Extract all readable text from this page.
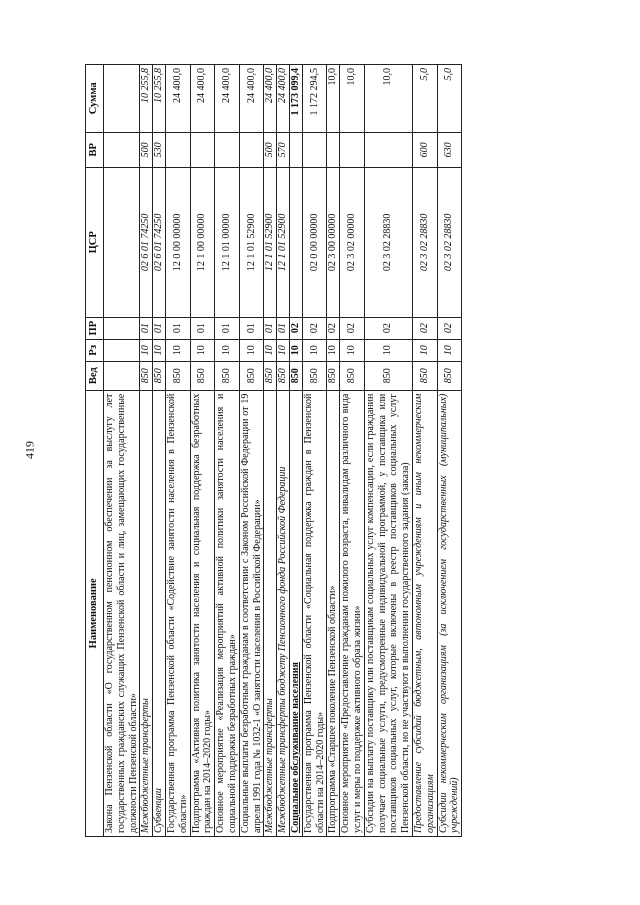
419
Наименование	Вед	Рз	ПР	ЦСР	ВР	Сумма
Закона Пензенской области «О государственном пенсионном обеспечении за выслугу лет государственных гражданских служащих Пензенской области и лиц, замещающих государственные должности Пензенской области»						
Межбюджетные трансферты	850	10	01	02 6 01 74250	500	10 255,8
Субвенции	850	10	01	02 6 01 74250	530	10 255,8
Государственная программа Пензенской области «Содействие занятости населения в Пензенской области»	850	10	01	12 0 00 00000		24 400,0
Подпрограмма «Активная политика занятости населения и социальная поддержка безработных граждан на 2014–2020 годы»	850	10	01	12 1 00 00000		24 400,0
Основное мероприятие «Реализация мероприятий активной политики занятости населения и социальной поддержки безработных граждан»	850	10	01	12 1 01 00000		24 400,0
Социальные выплаты безработным гражданам в соответствии с Законом Российской Федерации от 19 апреля 1991 года № 1032-1 «О занятости населения в Российской Федерации»	850	10	01	12 1 01 52900		24 400,0
Межбюджетные трансферты	850	10	01	12 1 01 52900	500	24 400,0
Межбюджетные трансферты бюджету Пенсионного фонда Российской Федерации	850	10	01	12 1 01 52900	570	24 400,0
Социальное обслуживание населения	850	10	02			1 173 099,4
Государственная программа Пензенской области «Социальная поддержка граждан в Пензенской области на 2014–2020 годы»	850	10	02	02 0 00 00000		1 172 294,5
Подпрограмма «Старшее поколение Пензенской области»	850	10	02	02 3 00 00000		10,0
Основное мероприятие «Предоставление гражданам пожилого возраста, инвалидам различного вида услуг и меры по поддержке активного образа жизни»	850	10	02	02 3 02 00000		10,0
Субсидии на выплату поставщику или поставщикам социальных услуг компенсации, если гражданин получает социальные услуги, предусмотренные индивидуальной программой, у поставщика или поставщиков социальных услуг, которые включены в реестр поставщиков социальных услуг Пензенской области, но не участвуют в выполнении государственного задания (заказа)	850	10	02	02 3 02 28830		10,0
Предоставление субсидий бюджетным, автономным учреждениям и иным некоммерческим организациям	850	10	02	02 3 02 28830	600	5,0
Субсидии некоммерческим организациям (за исключением государственных (муниципальных) учреждений)	850	10	02	02 3 02 28830	630	5,0
